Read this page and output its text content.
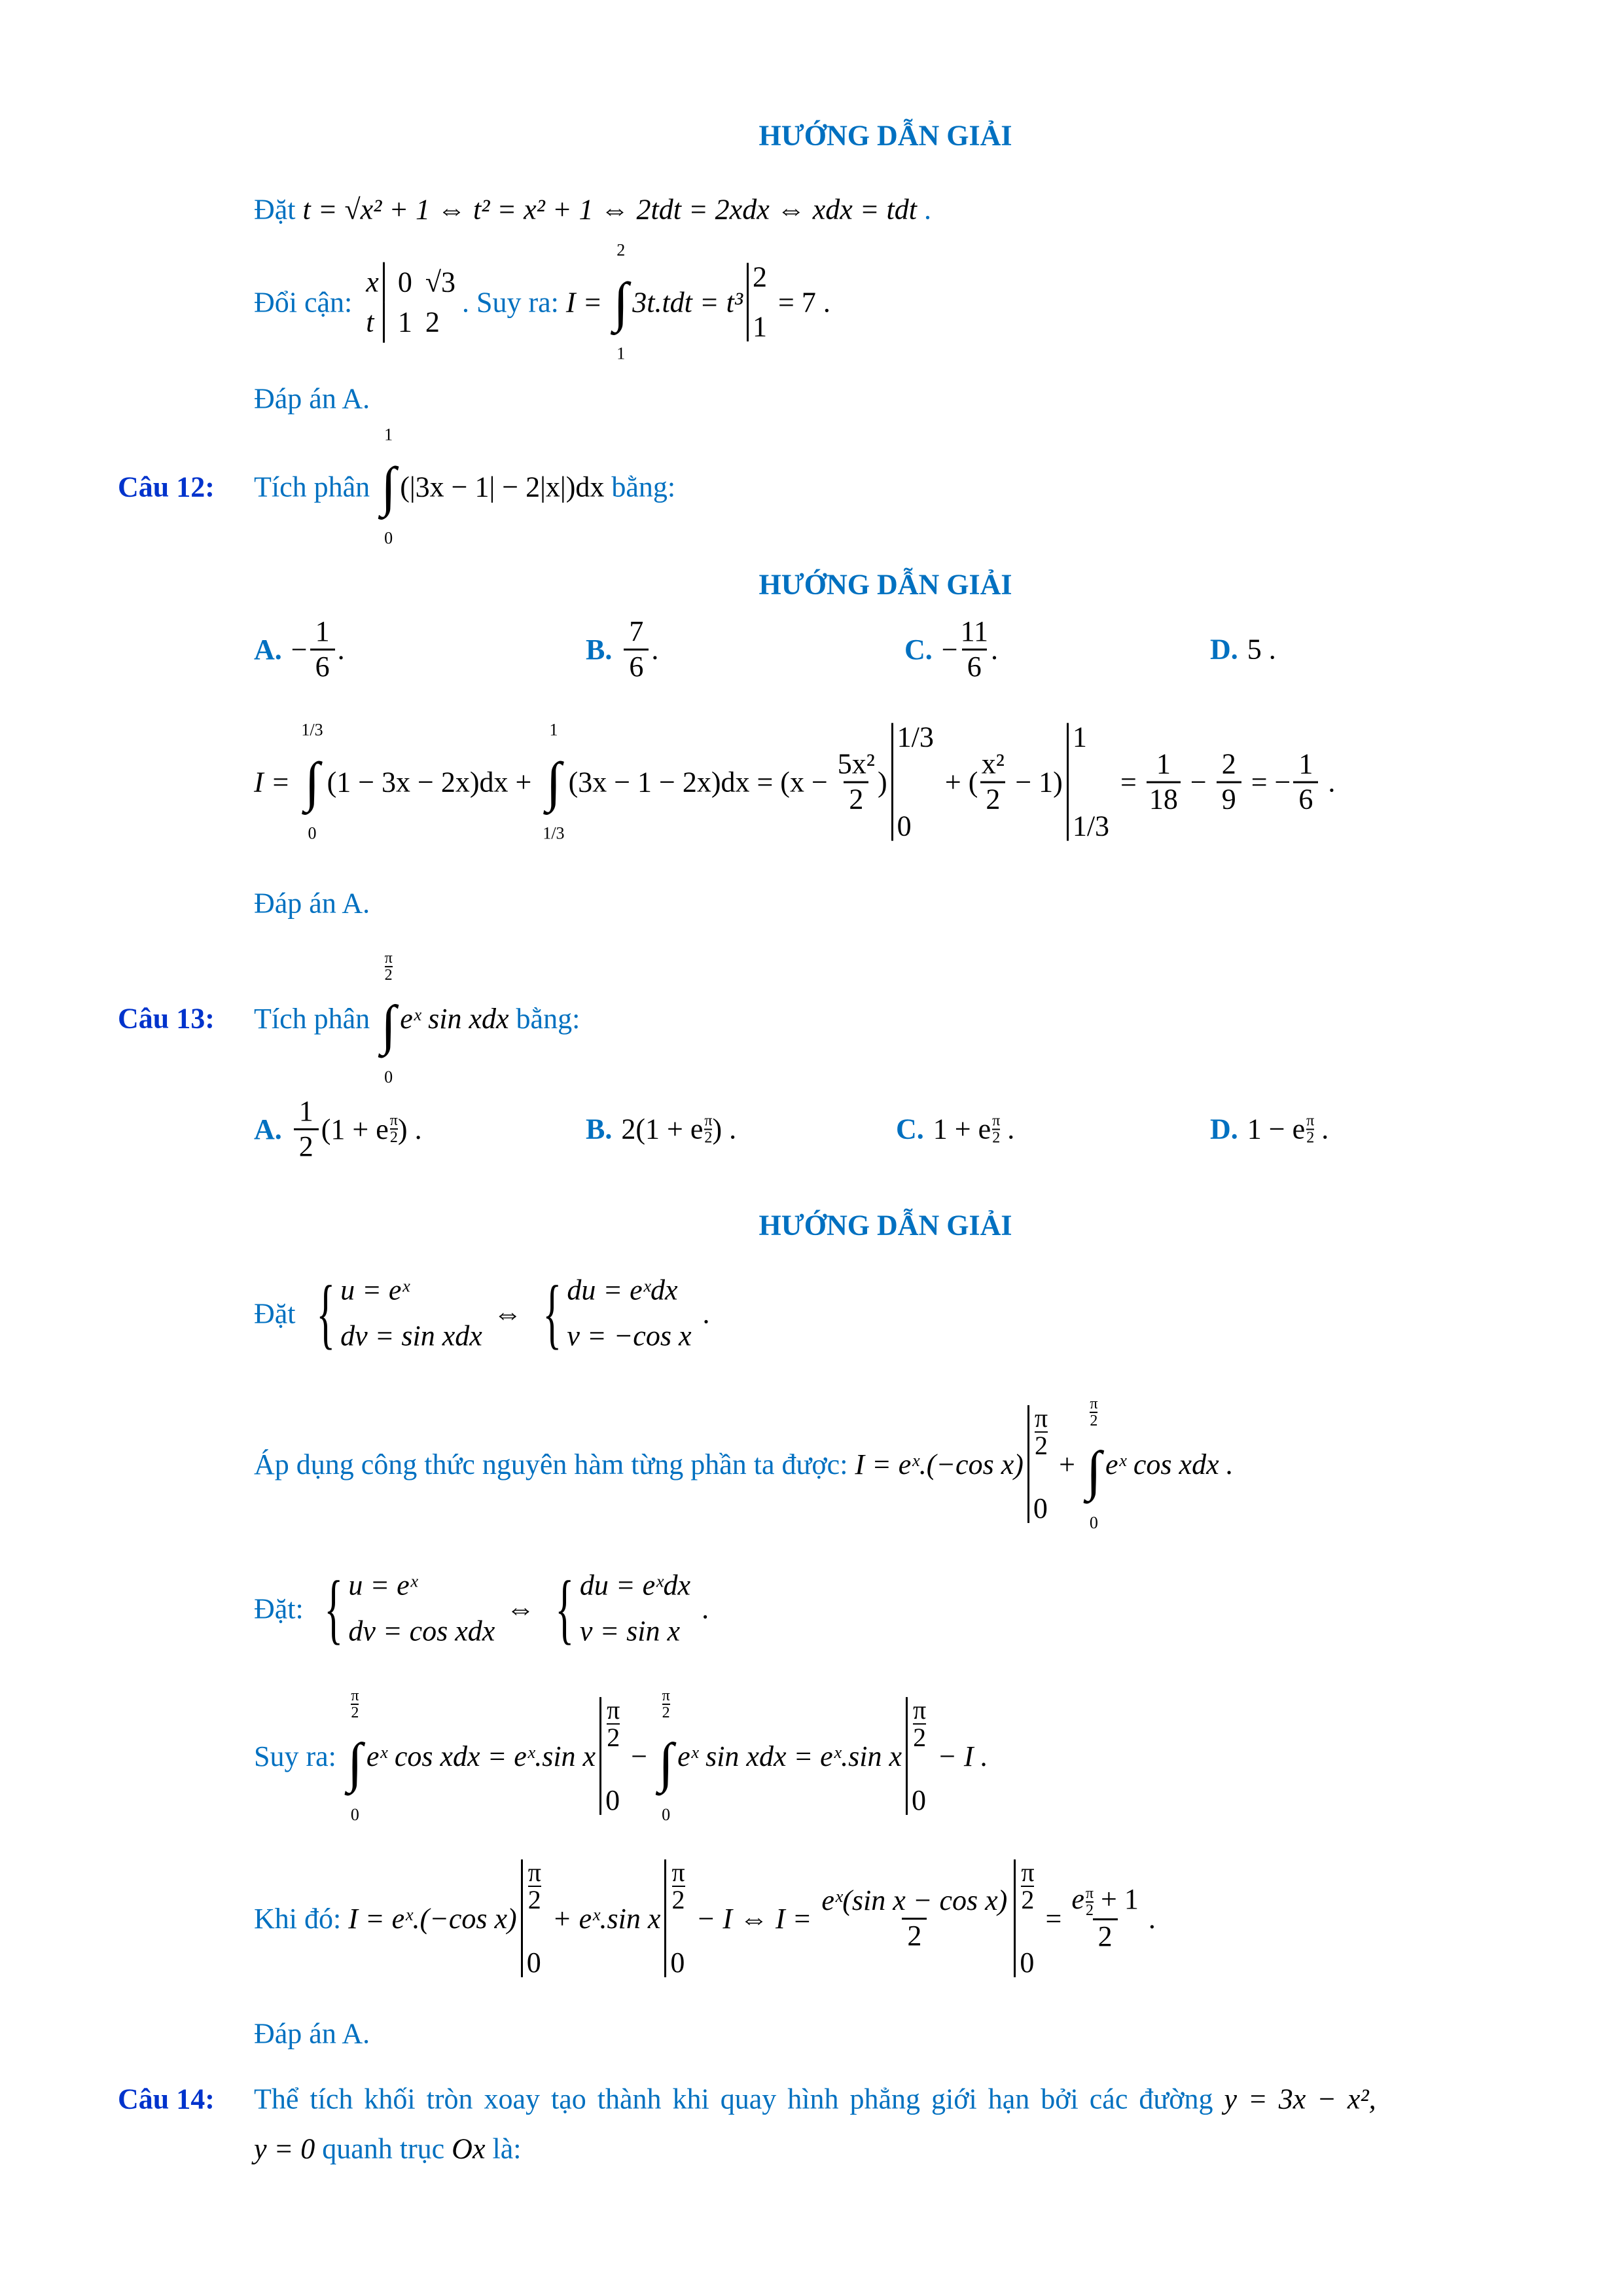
HƯỚNG DẪN GIẢI
Đặt t = √x² + 1 ⇔ t² = x² + 1 ⇔ 2tdt = 2xdx ⇔ xdx = tdt .
Đổi cận:
x 0 √3
t 1 2
. Suy ra: I =
2
∫
1
3t.tdt = t³
2
1
= 7 .
Đáp án A.
Câu 12: Tích phân
1
∫
0
(|3x − 1| − 2|x|)dx bằng:
HƯỚNG DẪN GIẢI
A. − $\frac{1}{6}$ .	B. $\frac{7}{6}$ .	C. − $\frac{11}{6}$ .	D. 5 .
I =
1/3
∫
0
(1 − 3x − 2x)dx +
1
∫
1/3
$(3x - 1 - 2x)dx = (x - \frac{\text{5x²}}{2}$ )
1/3
0
+ ( $\frac{\text{x²}}{2} - 1$)
1
1/3
= $\frac{1}{18} - \frac{2}{9}$ = − $\frac{1}{6}$ .
Đáp án A.
Câu 13: Tích phân
$\frac{\pi}{2}$
∫
0
eˣ sin xdx bằng:
A. $\frac{1}{2} (1 + e \frac{\pi}{2}$ ) .	B. 2(1 + e $\frac{\pi}{2}$ ) .	C. 1 + e $\frac{\pi}{2}$ .	D. 1 − e $\frac{\pi}{2}$ .
HƯỚNG DẪN GIẢI
Đặt { u = eˣ
dv = sin xdx
⇔ { du = eˣdx
v = −cos x
.
Áp dụng công thức nguyên hàm từng phần ta được: I = eˣ.(−cos x)
$\frac{\pi}{2}$
0
+
$\frac{\pi}{2}$
∫
0
eˣ cos xdx .
Đặt: { u = eˣ
dv = cos xdx
⇔ { du = eˣdx
v = sin x
.
Suy ra:
$\frac{\pi}{2}$
∫
0
eˣ cos xdx = eˣ.sin x
$\frac{\pi}{2}$
0
−
$\frac{\pi}{2}$
∫
0
eˣ sin xdx = eˣ.sin x
$\frac{\pi}{2}$
0
− I .
Khi đó: I = eˣ.(−cos x)
$\frac{\pi}{2}$
0
+ eˣ.sin x
$\frac{\pi}{2}$
0
− I ⇔ $I = \frac{\text{eˣ(sin x − cos x)}}{2} \frac{\pi}{2}$
0
= $\frac{e \frac{\pi}{2} + 1}{2}$ .
Đáp án A.
Câu 14: Thể tích khối tròn xoay tạo thành khi quay hình phẳng giới hạn bởi các đường y = 3x − x²,
y = 0 quanh trục Ox là:
